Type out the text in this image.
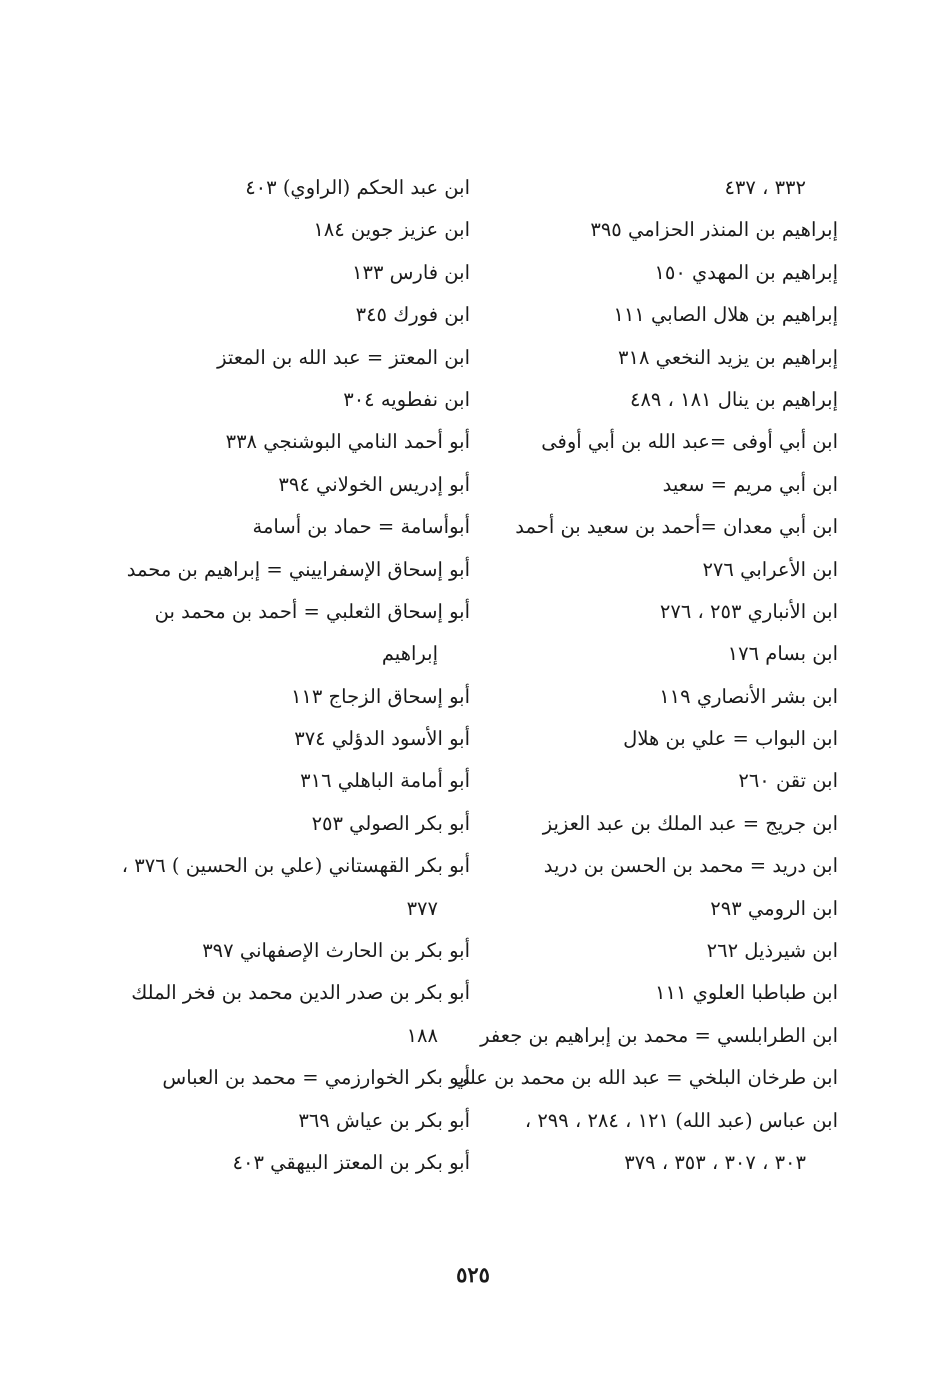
٣٣٢ ، ٤٣٧
إبراهيم بن المنذر الحزامي ٣٩٥
إبراهيم بن المهدي ١٥٠
إبراهيم بن هلال الصابي ١١١
إبراهيم بن يزيد النخعي ٣١٨
إبراهيم بن ينال ١٨١ ، ٤٨٩
ابن أبي أوفى =عبد الله بن أبي أوفى
ابن أبي مريم = سعيد
ابن أبي معدان =أحمد بن سعيد بن أحمد
ابن الأعرابي ٢٧٦
ابن الأنباري ٢٥٣ ، ٢٧٦
ابن بسام ١٧٦
ابن بشر الأنصاري ١١٩
ابن البواب = علي بن هلال
ابن تقن ٢٦٠
ابن جريج = عبد الملك بن عبد العزيز
ابن دريد = محمد بن الحسن بن دريد
ابن الرومي ٢٩٣
ابن شيرذيل ٢٦٢
ابن طباطبا العلوي ١١١
ابن الطرابلسي = محمد بن إبراهيم بن جعفر
ابن طرخان البلخي = عبد الله بن محمد بن علي
ابن عباس (عبد الله) ١٢١ ، ٢٨٤ ، ٢٩٩ ،
٣٠٣ ، ٣٠٧ ، ٣٥٣ ، ٣٧٩
ابن عبد الحكم (الراوي) ٤٠٣
ابن عزيز جوين ١٨٤
ابن فارس ١٣٣
ابن فورك ٣٤٥
ابن المعتز = عبد الله بن المعتز
ابن نفطويه ٣٠٤
أبو أحمد النامي البوشنجي ٣٣٨
أبو إدريس الخولاني ٣٩٤
أبوأسامة = حماد بن أسامة
أبو إسحاق الإسفراييني = إبراهيم بن محمد
أبو إسحاق الثعلبي = أحمد بن محمد بن
إبراهيم
أبو إسحاق الزجاج ١١٣
أبو الأسود الدؤلي ٣٧٤
أبو أمامة الباهلي ٣١٦
أبو بكر الصولي ٢٥٣
أبو بكر القهستاني (علي بن الحسين ) ٣٧٦ ،
٣٧٧
أبو بكر بن الحارث الإصفهاني ٣٩٧
أبو بكر بن صدر الدين محمد بن فخر الملك
١٨٨
أبو بكر الخوارزمي = محمد بن العباس
أبو بكر بن عياش ٣٦٩
أبو بكر بن المعتز البيهقي ٤٠٣
٥٢٥
